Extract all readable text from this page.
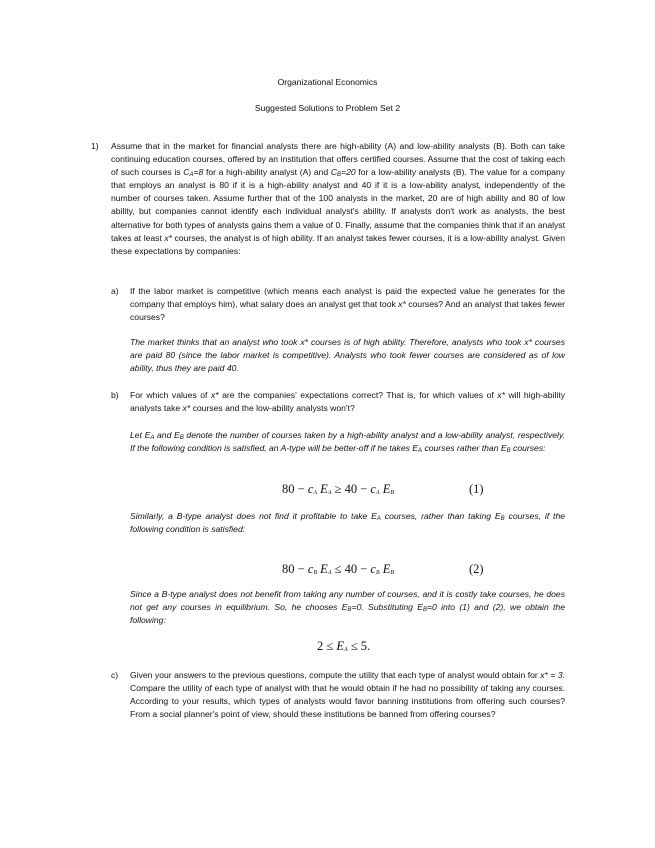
Organizational Economics
Suggested Solutions to Problem Set 2
1) Assume that in the market for financial analysts there are high-ability (A) and low-ability analysts (B). Both can take continuing education courses, offered by an institution that offers certified courses. Assume that the cost of taking each of such courses is $C_A=8$ for a high-ability analyst (A) and $C_B=20$ for a low-ability analysts (B). The value for a company that employs an analyst is 80 if it is a high-ability analyst and 40 if it is a low-ability analyst, independently of the number of courses taken. Assume further that of the 100 analysts in the market, 20 are of high ability and 80 of low ability, but companies cannot identify each individual analyst's ability. If analysts don't work as analysts, the best alternative for both types of analysts gains them a value of 0. Finally, assume that the companies think that if an analyst takes at least x* courses, the analyst is of high ability. If an analyst takes fewer courses, it is a low-ability analyst. Given these expectations by companies:

a) If the labor market is competitive (which means each analyst is paid the expected value he generates for the company that employs him), what salary does an analyst get that took x* courses? And an analyst that takes fewer courses?

The market thinks that an analyst who took x* courses is of high ability. Therefore, analysts who took x* courses are paid 80 (since the labor market is competitive). Analysts who took fewer courses are considered as of low ability, thus they are paid 40.
b) For which values of x* are the companies' expectations correct? That is, for which values of x* will high-ability analysts take x* courses and the low-ability analysts won't?

Let $E_A$ and $E_B$ denote the number of courses taken by a high-ability analyst and a low-ability analyst, respectively. If the following condition is satisfied, an A-type will be better-off if he takes $E_A$ courses rather than $E_B$ courses:

$80 - c_A$ $E_A \ge 40 - c_A$ $E_B$	(1)

Similarly, a B-type analyst does not find it profitable to take $E_A$ courses, rather than taking $E_B$ courses, if the following condition is satisfied:

$80 - c_B$ $E_A \le 40 - c_B$ $E_B$	(2)

Since a B-type analyst does not benefit from taking any number of courses, and it is costly take courses, he does not get any courses in equilibrium. So, he chooses $E_B=0$. Substituting $E_B=0$ into (1) and (2), we obtain the following:

$2 \le E_A \le 5$.
c) Given your answers to the previous questions, compute the utility that each type of analyst would obtain for x* = 3. Compare the utility of each type of analyst with that he would obtain if he had no possibility of taking any courses. According to your results, which types of analysts would favor banning institutions from offering such courses? From a social planner's point of view, should these institutions be banned from offering courses?
